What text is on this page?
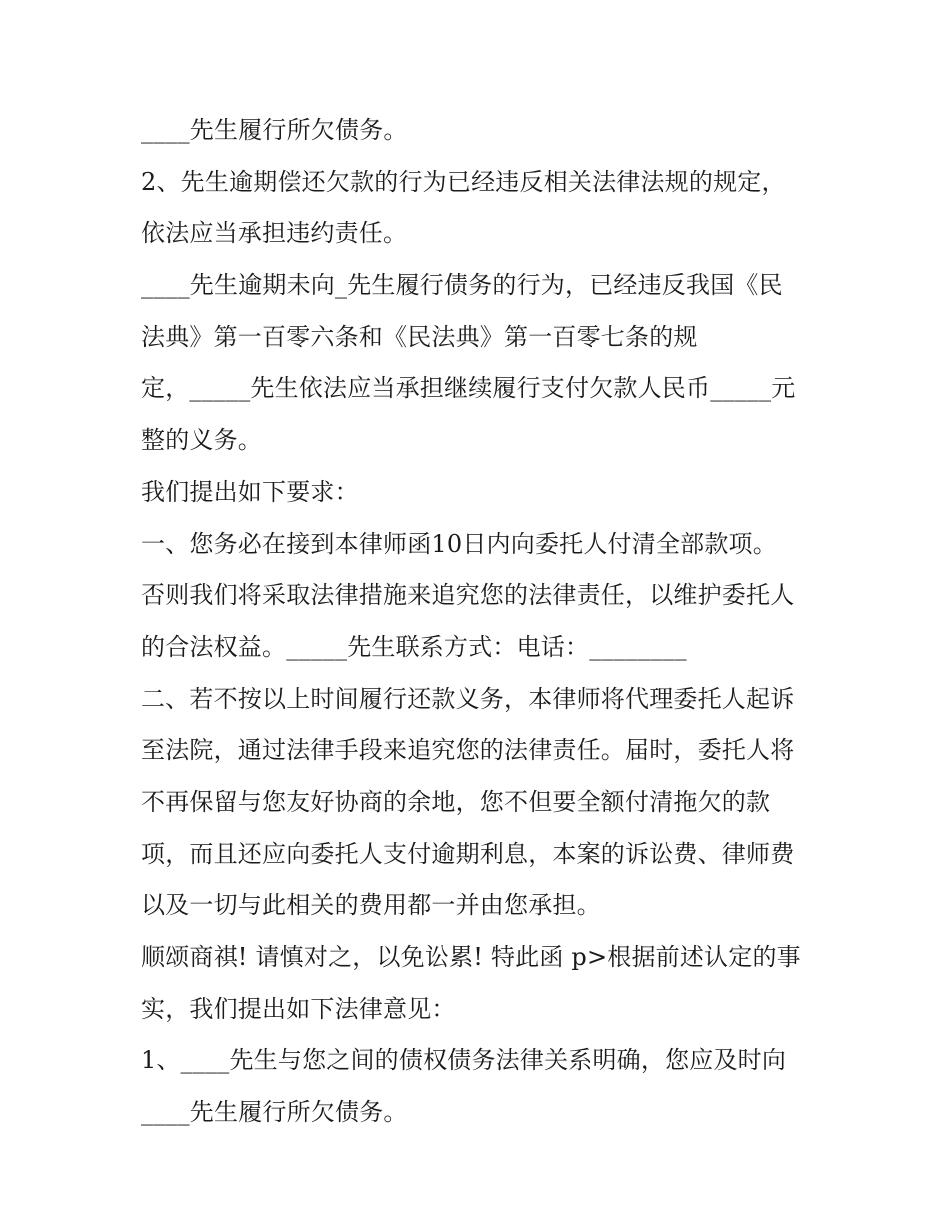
____先生履行所欠债务。
2、先生逾期偿还欠款的行为已经违反相关法律法规的规定，
依法应当承担违约责任。
____先生逾期未向_先生履行债务的行为，已经违反我国《民
法典》第一百零六条和《民法典》第一百零七条的规
定，_____先生依法应当承担继续履行支付欠款人民币_____元
整的义务。
我们提出如下要求：
一、您务必在接到本律师函10日内向委托人付清全部款项。
否则我们将采取法律措施来追究您的法律责任，以维护委托人
的合法权益。_____先生联系方式：电话：________
二、若不按以上时间履行还款义务，本律师将代理委托人起诉
至法院，通过法律手段来追究您的法律责任。届时，委托人将
不再保留与您友好协商的余地，您不但要全额付清拖欠的款
项，而且还应向委托人支付逾期利息，本案的诉讼费、律师费
以及一切与此相关的费用都一并由您承担。
顺颂商祺! 请慎对之，以免讼累! 特此函 p>根据前述认定的事
实，我们提出如下法律意见：
1、____先生与您之间的债权债务法律关系明确，您应及时向
____先生履行所欠债务。
